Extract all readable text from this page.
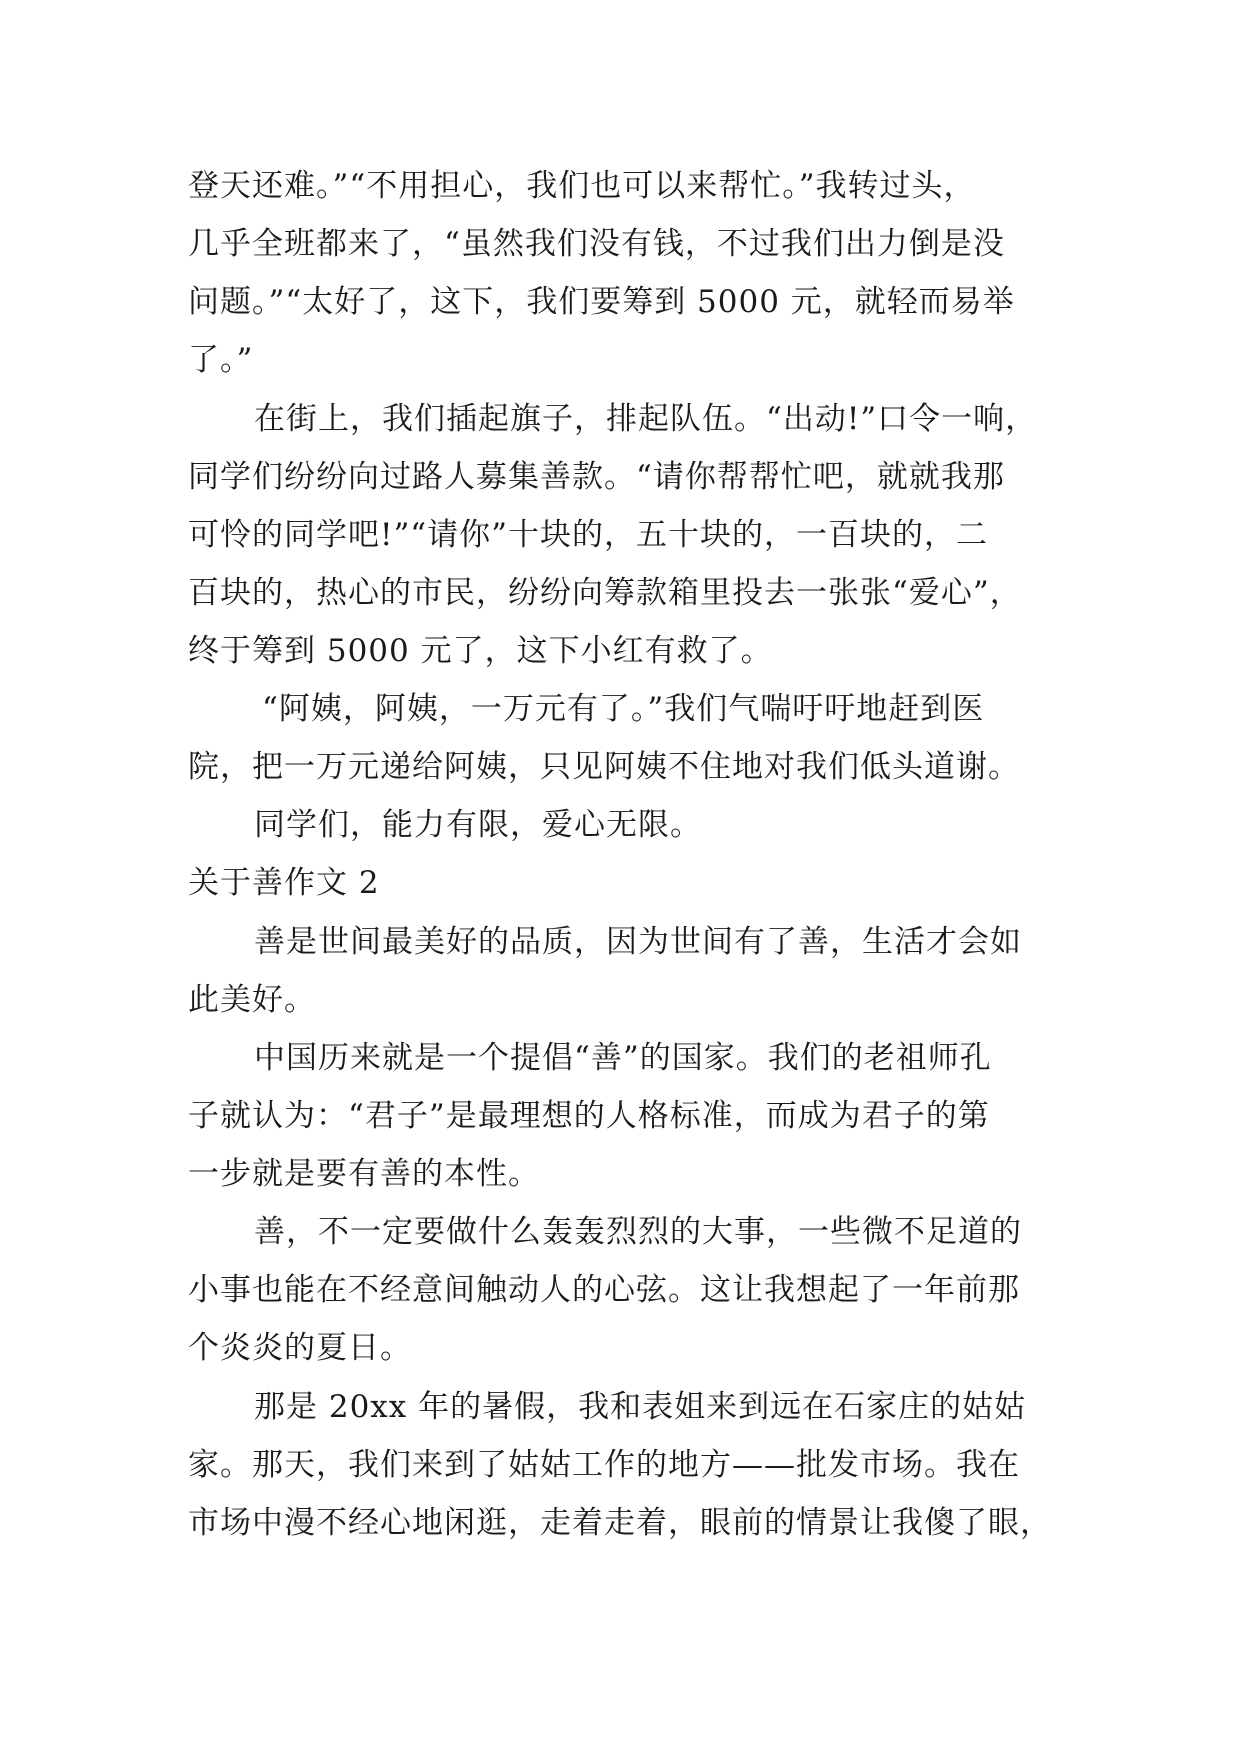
登天还难。”“不用担心，我们也可以来帮忙。”我转过头，
几乎全班都来了，“虽然我们没有钱，不过我们出力倒是没
问题。”“太好了，这下，我们要筹到 5000 元，就轻而易举
了。”
在街上，我们插起旗子，排起队伍。“出动!”口令一响，
同学们纷纷向过路人募集善款。“请你帮帮忙吧，就就我那
可怜的同学吧!”“请你”十块的，五十块的，一百块的，二
百块的，热心的市民，纷纷向筹款箱里投去一张张“爱心”，
终于筹到 5000 元了，这下小红有救了。
“阿姨，阿姨，一万元有了。”我们气喘吁吁地赶到医
院，把一万元递给阿姨，只见阿姨不住地对我们低头道谢。
同学们，能力有限，爱心无限。
关于善作文 2
善是世间最美好的品质，因为世间有了善，生活才会如
此美好。
中国历来就是一个提倡“善”的国家。我们的老祖师孔
子就认为：“君子”是最理想的人格标准，而成为君子的第
一步就是要有善的本性。
善，不一定要做什么轰轰烈烈的大事，一些微不足道的
小事也能在不经意间触动人的心弦。这让我想起了一年前那
个炎炎的夏日。
那是 20xx 年的暑假，我和表姐来到远在石家庄的姑姑
家。那天，我们来到了姑姑工作的地方——批发市场。我在
市场中漫不经心地闲逛，走着走着，眼前的情景让我傻了眼，
